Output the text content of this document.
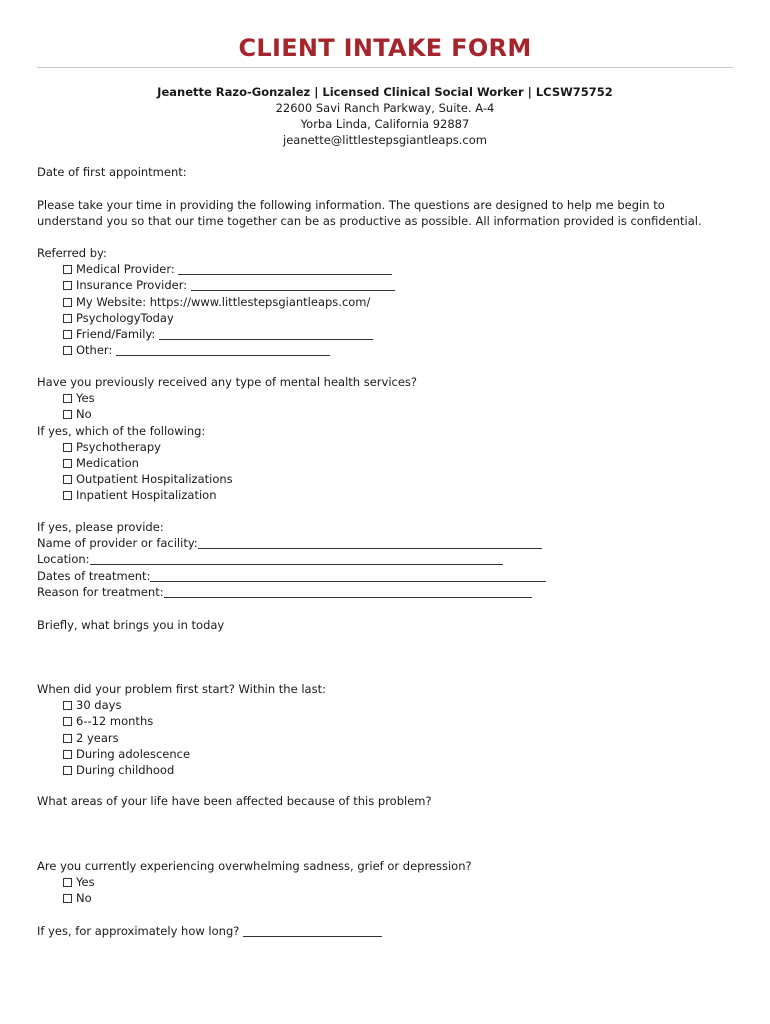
CLIENT INTAKE FORM
Jeanette Razo-Gonzalez | Licensed Clinical Social Worker | LCSW75752
22600 Savi Ranch Parkway, Suite. A-4
Yorba Linda, California 92887
jeanette@littlestepsgiantleaps.com
Date of first appointment:
Please take your time in providing the following information. The questions are designed to help me begin to understand you so that our time together can be as productive as possible. All information provided is confidential.
Referred by:
Medical Provider:
Insurance Provider:
My Website: https://www.littlestepsgiantleaps.com/
PsychologyToday
Friend/Family:
Other:
Have you previously received any type of mental health services?
Yes
No
If yes, which of the following:
Psychotherapy
Medication
Outpatient Hospitalizations
Inpatient Hospitalization
If yes, please provide:
Name of provider or facility:
Location:
Dates of treatment:
Reason for treatment:
Briefly, what brings you in today
When did your problem first start? Within the last:
30 days
6--12 months
2 years
During adolescence
During childhood
What areas of your life have been affected because of this problem?
Are you currently experiencing overwhelming sadness, grief or depression?
Yes
No
If yes, for approximately how long?
